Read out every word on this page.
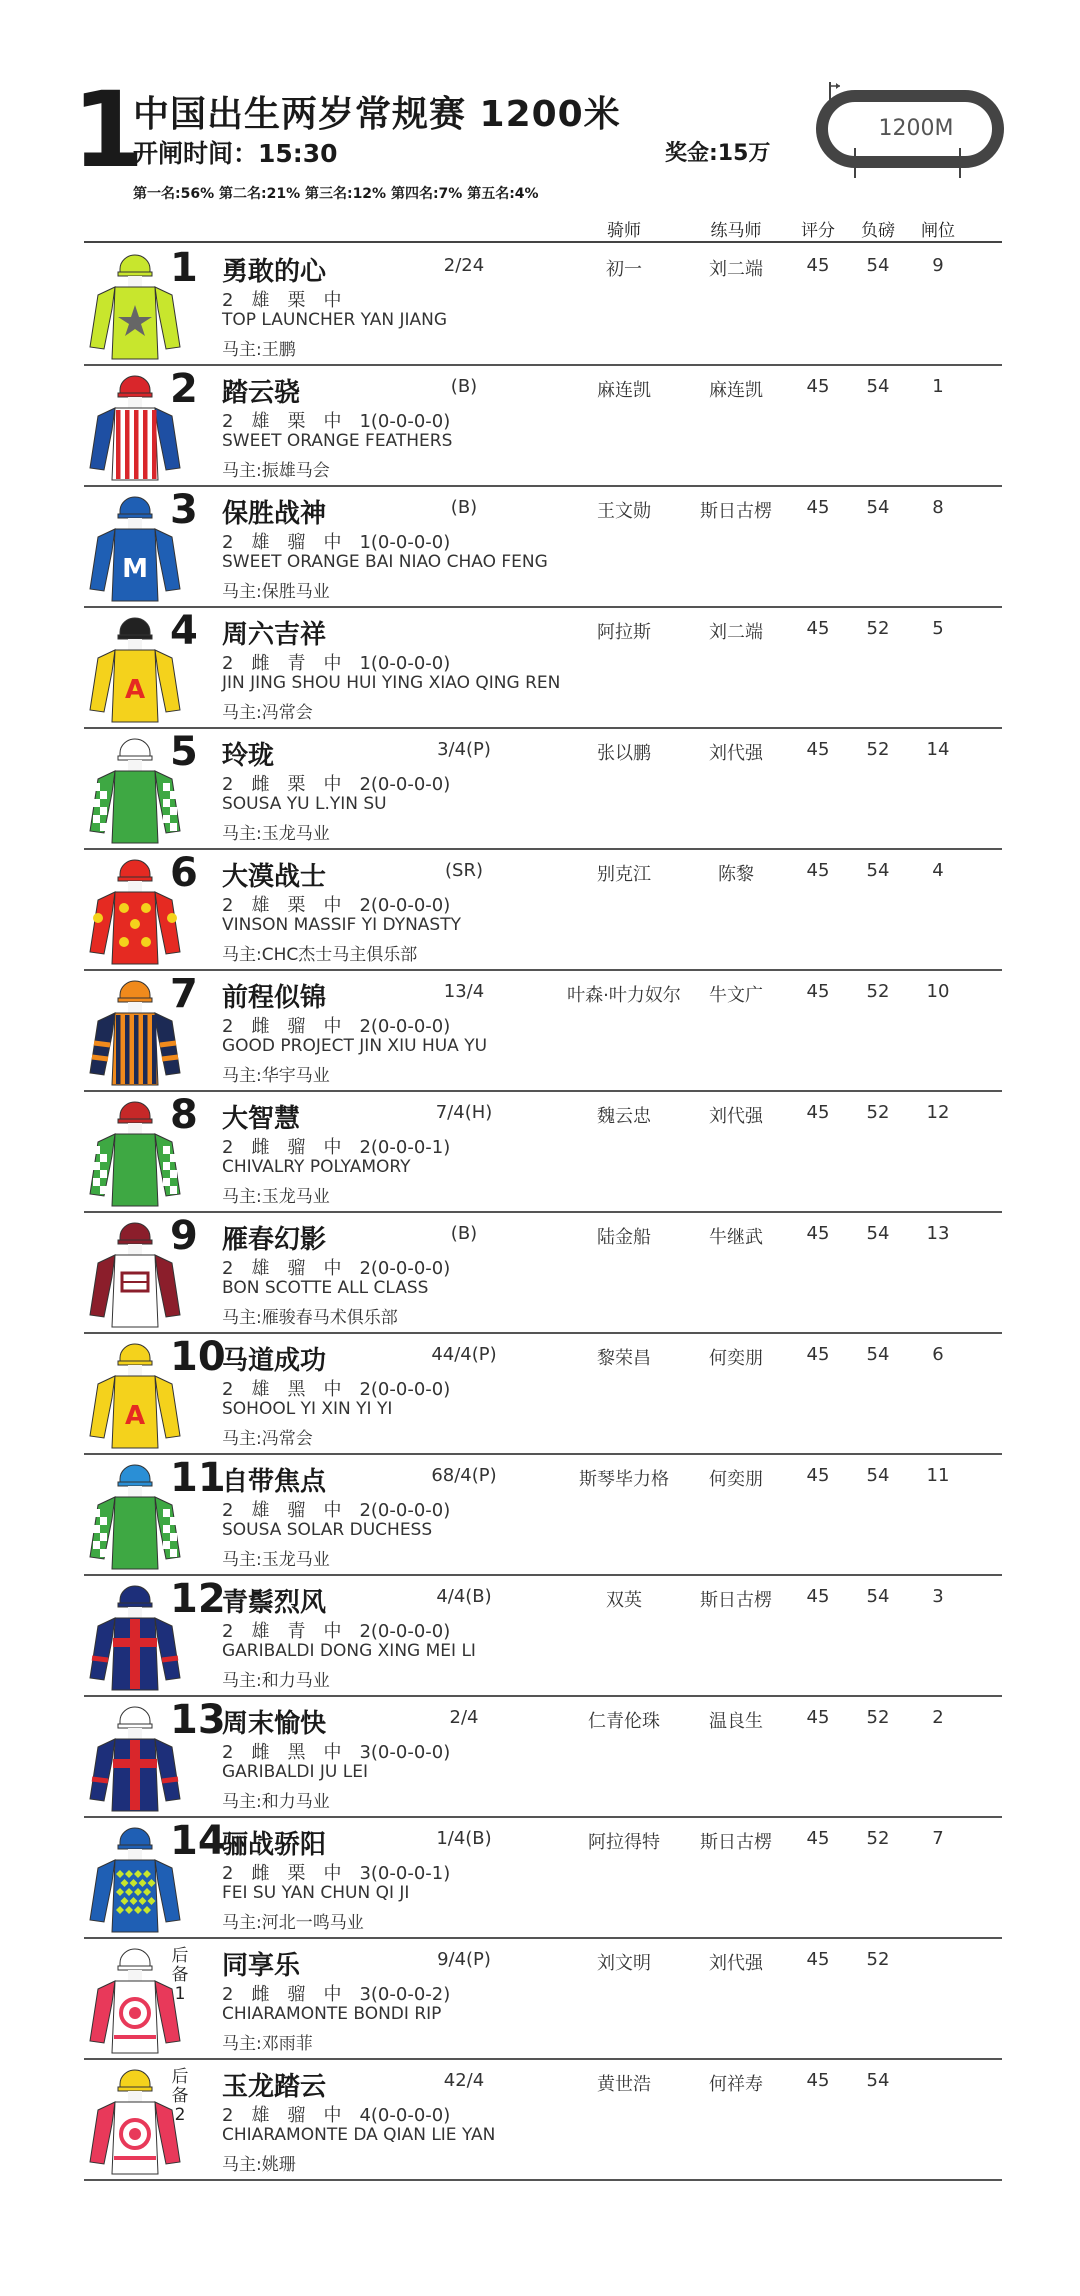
1
中国出生两岁常规赛 1200米
开闸时间：15:30	奖金:15万
第一名:56% 第二名:21% 第三名:12% 第四名:7% 第五名:4%
1200M
骑师	练马师	评分	负磅	闸位
1 勇敢的心	2/24
2　雄　栗　中
TOP LAUNCHER YAN JIANG
马主:王鹏
初一	刘二端	45	54	9
2 踏云骁	(B)
2　雄　栗　中　1(0-0-0-0)
SWEET ORANGE FEATHERS
马主:振雄马会
麻连凯	麻连凯	45	54	1
M
3 保胜战神	(B)
2　雄　骝　中　1(0-0-0-0)
SWEET ORANGE BAI NIAO CHAO FENG
马主:保胜马业
王文勋	斯日古楞	45	54	8
A
4 周六吉祥
2　雌　青　中　1(0-0-0-0)
JIN JING SHOU HUI YING XIAO QING REN
马主:冯常会
阿拉斯	刘二端	45	52	5
5 玲珑	3/4(P)
2　雌　栗　中　2(0-0-0-0)
SOUSA YU L.YIN SU
马主:玉龙马业
张以鹏	刘代强	45	52	14
6 大漠战士	(SR)
2　雄　栗　中　2(0-0-0-0)
VINSON MASSIF YI DYNASTY
马主:CHC杰士马主俱乐部
别克江	陈黎	45	54	4
7 前程似锦	13/4
2　雌　骝　中　2(0-0-0-0)
GOOD PROJECT JIN XIU HUA YU
马主:华宇马业
叶森·叶力奴尔	牛文广	45	52	10
8 大智慧	7/4(H)
2　雌　骝　中　2(0-0-0-1)
CHIVALRY POLYAMORY
马主:玉龙马业
魏云忠	刘代强	45	52	12
9 雁春幻影	(B)
2　雄　骝　中　2(0-0-0-0)
BON SCOTTE ALL CLASS
马主:雁骏春马术俱乐部
陆金船	牛继武	45	54	13
A
10
马道成功	44/4(P)
2　雄　黑　中　2(0-0-0-0)
SOHOOL YI XIN YI YI
马主:冯常会
黎荣昌	何奕朋	45	54	6
11
自带焦点	68/4(P)
2　雄　骝　中　2(0-0-0-0)
SOUSA SOLAR DUCHESS
马主:玉龙马业
斯琴毕力格	何奕朋	45	54	11
12
青鬃烈风	4/4(B)
2　雄　青　中　2(0-0-0-0)
GARIBALDI DONG XING MEI LI
马主:和力马业
双英	斯日古楞	45	54	3
13
周末愉快	2/4
2　雌　黑　中　3(0-0-0-0)
GARIBALDI JU LEI
马主:和力马业
仁青伦珠	温良生	45	52	2
14
骊战骄阳	1/4(B)
2　雌　栗　中　3(0-0-0-1)
FEI SU YAN CHUN QI JI
马主:河北一鸣马业
阿拉得特	斯日古楞	45	52	7
后备1
同享乐	9/4(P)
2　雌　骝　中　3(0-0-0-2)
CHIARAMONTE BONDI RIP
马主:邓雨菲
刘文明	刘代强	45	52
后备2
玉龙踏云	42/4
2　雄　骝　中　4(0-0-0-0)
CHIARAMONTE DA QIAN LIE YAN
马主:姚珊
黄世浩	何祥寿	45	54
